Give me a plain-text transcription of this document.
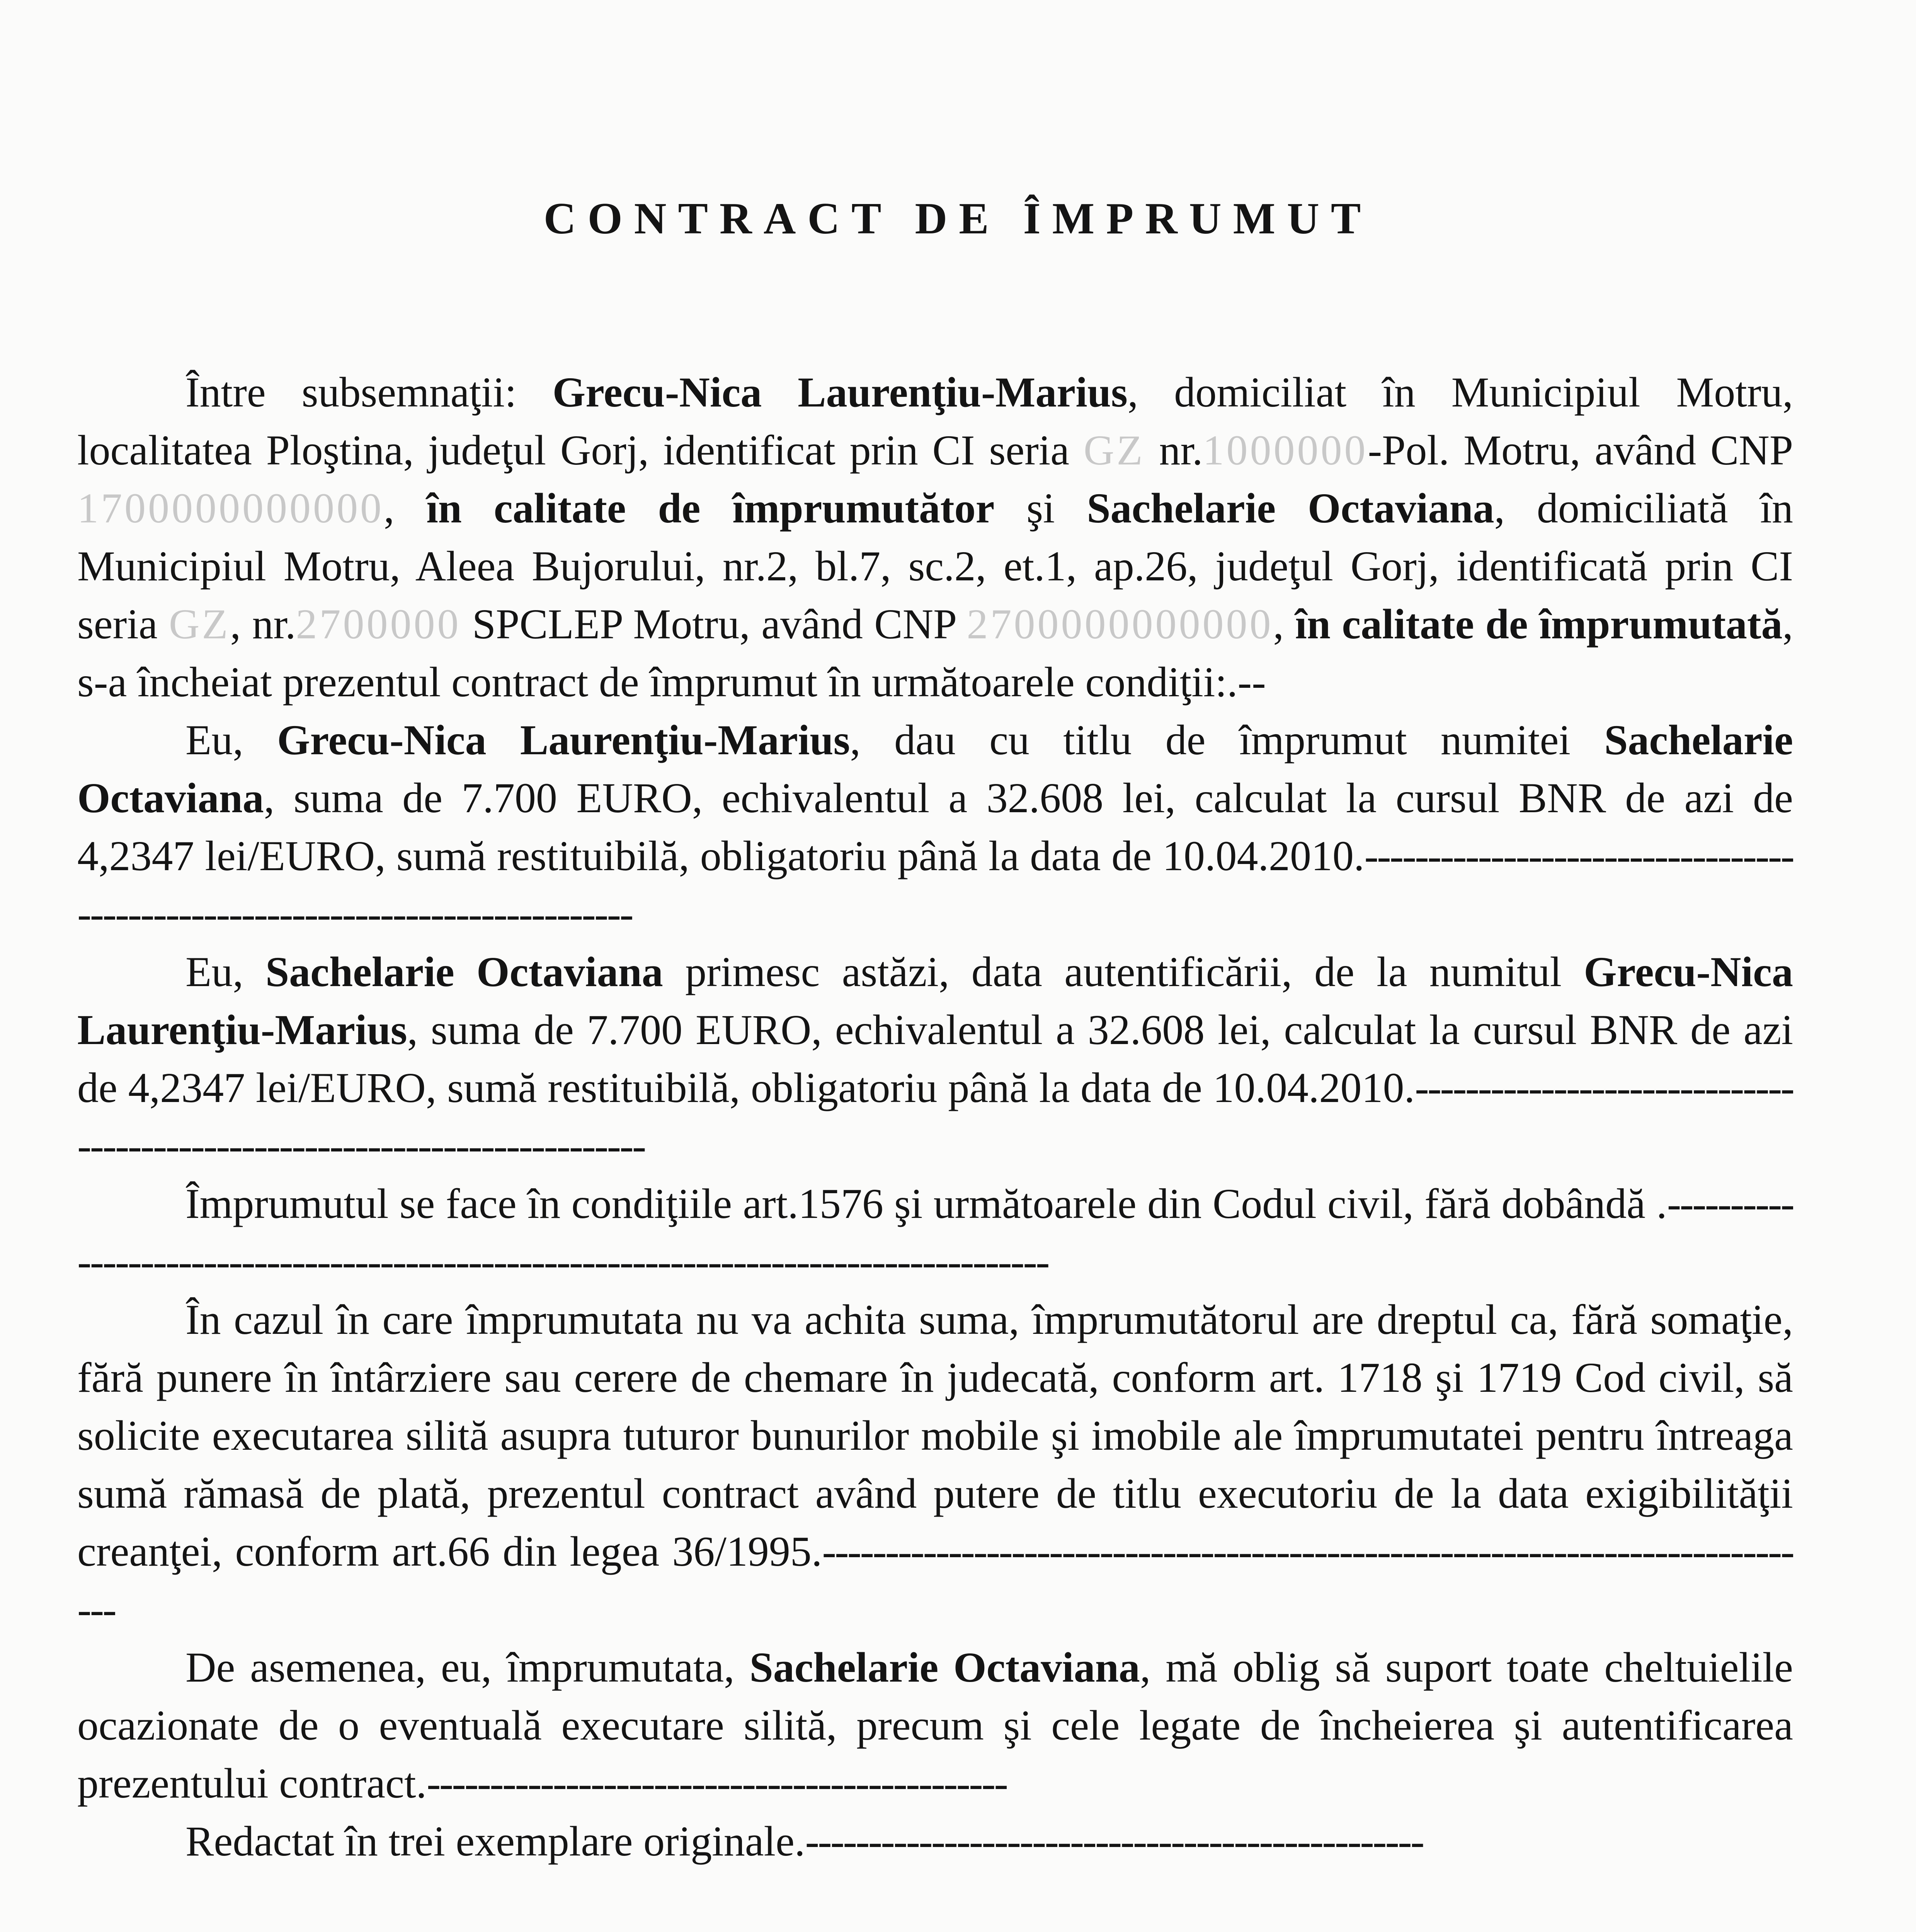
CONTRACT DE ÎMPRUMUT

Între subsemnaţii: Grecu-Nica Laurenţiu-Marius, domiciliat în Municipiul Motru, localitatea Ploştina, judeţul Gorj, identificat prin CI seria GZ nr.1000000-Pol. Motru, având CNP 1700000000000, în calitate de împrumutător şi Sachelarie Octaviana, domiciliată în Municipiul Motru, Aleea Bujorului, nr.2, bl.7, sc.2, et.1, ap.26, judeţul Gorj, identificată prin CI seria GZ, nr.2700000 SPCLEP Motru, având CNP 2700000000000, în calitate de împrumutată, s-a încheiat prezentul contract de împrumut în următoarele condiţii:.--

Eu, Grecu-Nica Laurenţiu-Marius, dau cu titlu de împrumut numitei Sachelarie Octaviana, suma de 7.700 EURO, echivalentul a 32.608 lei, calculat la cursul BNR de azi de 4,2347 lei/EURO, sumă restituibilă, obligatoriu până la data de 10.04.2010.------------------------------------------------------------------------------

Eu, Sachelarie Octaviana primesc astăzi, data autentificării, de la numitul Grecu-Nica Laurenţiu-Marius, suma de 7.700 EURO, echivalentul a 32.608 lei, calculat la cursul BNR de azi de 4,2347 lei/EURO, sumă restituibilă, obligatoriu până la data de 10.04.2010.---------------------------------------------------------------------------

Împrumutul se face în condiţiile art.1576 şi următoarele din Codul civil, fără dobândă .---------------------------------------------------------------------------------------

În cazul în care împrumutata nu va achita suma, împrumutătorul are dreptul ca, fără somaţie, fără punere în întârziere sau cerere de chemare în judecată, conform art. 1718 şi 1719 Cod civil, să solicite executarea silită asupra tuturor bunurilor mobile şi imobile ale împrumutatei pentru întreaga sumă rămasă de plată, prezentul contract având putere de titlu executoriu de la data exigibilităţii creanţei, conform art.66 din legea 36/1995.--------------------------------------------------------------------------------

De asemenea, eu, împrumutata, Sachelarie Octaviana, mă oblig să suport toate cheltuielile ocazionate de o eventuală executare silită, precum şi cele legate de încheierea şi autentificarea prezentului contract.----------------------------------------------

Redactat în trei exemplare originale.-------------------------------------------------
